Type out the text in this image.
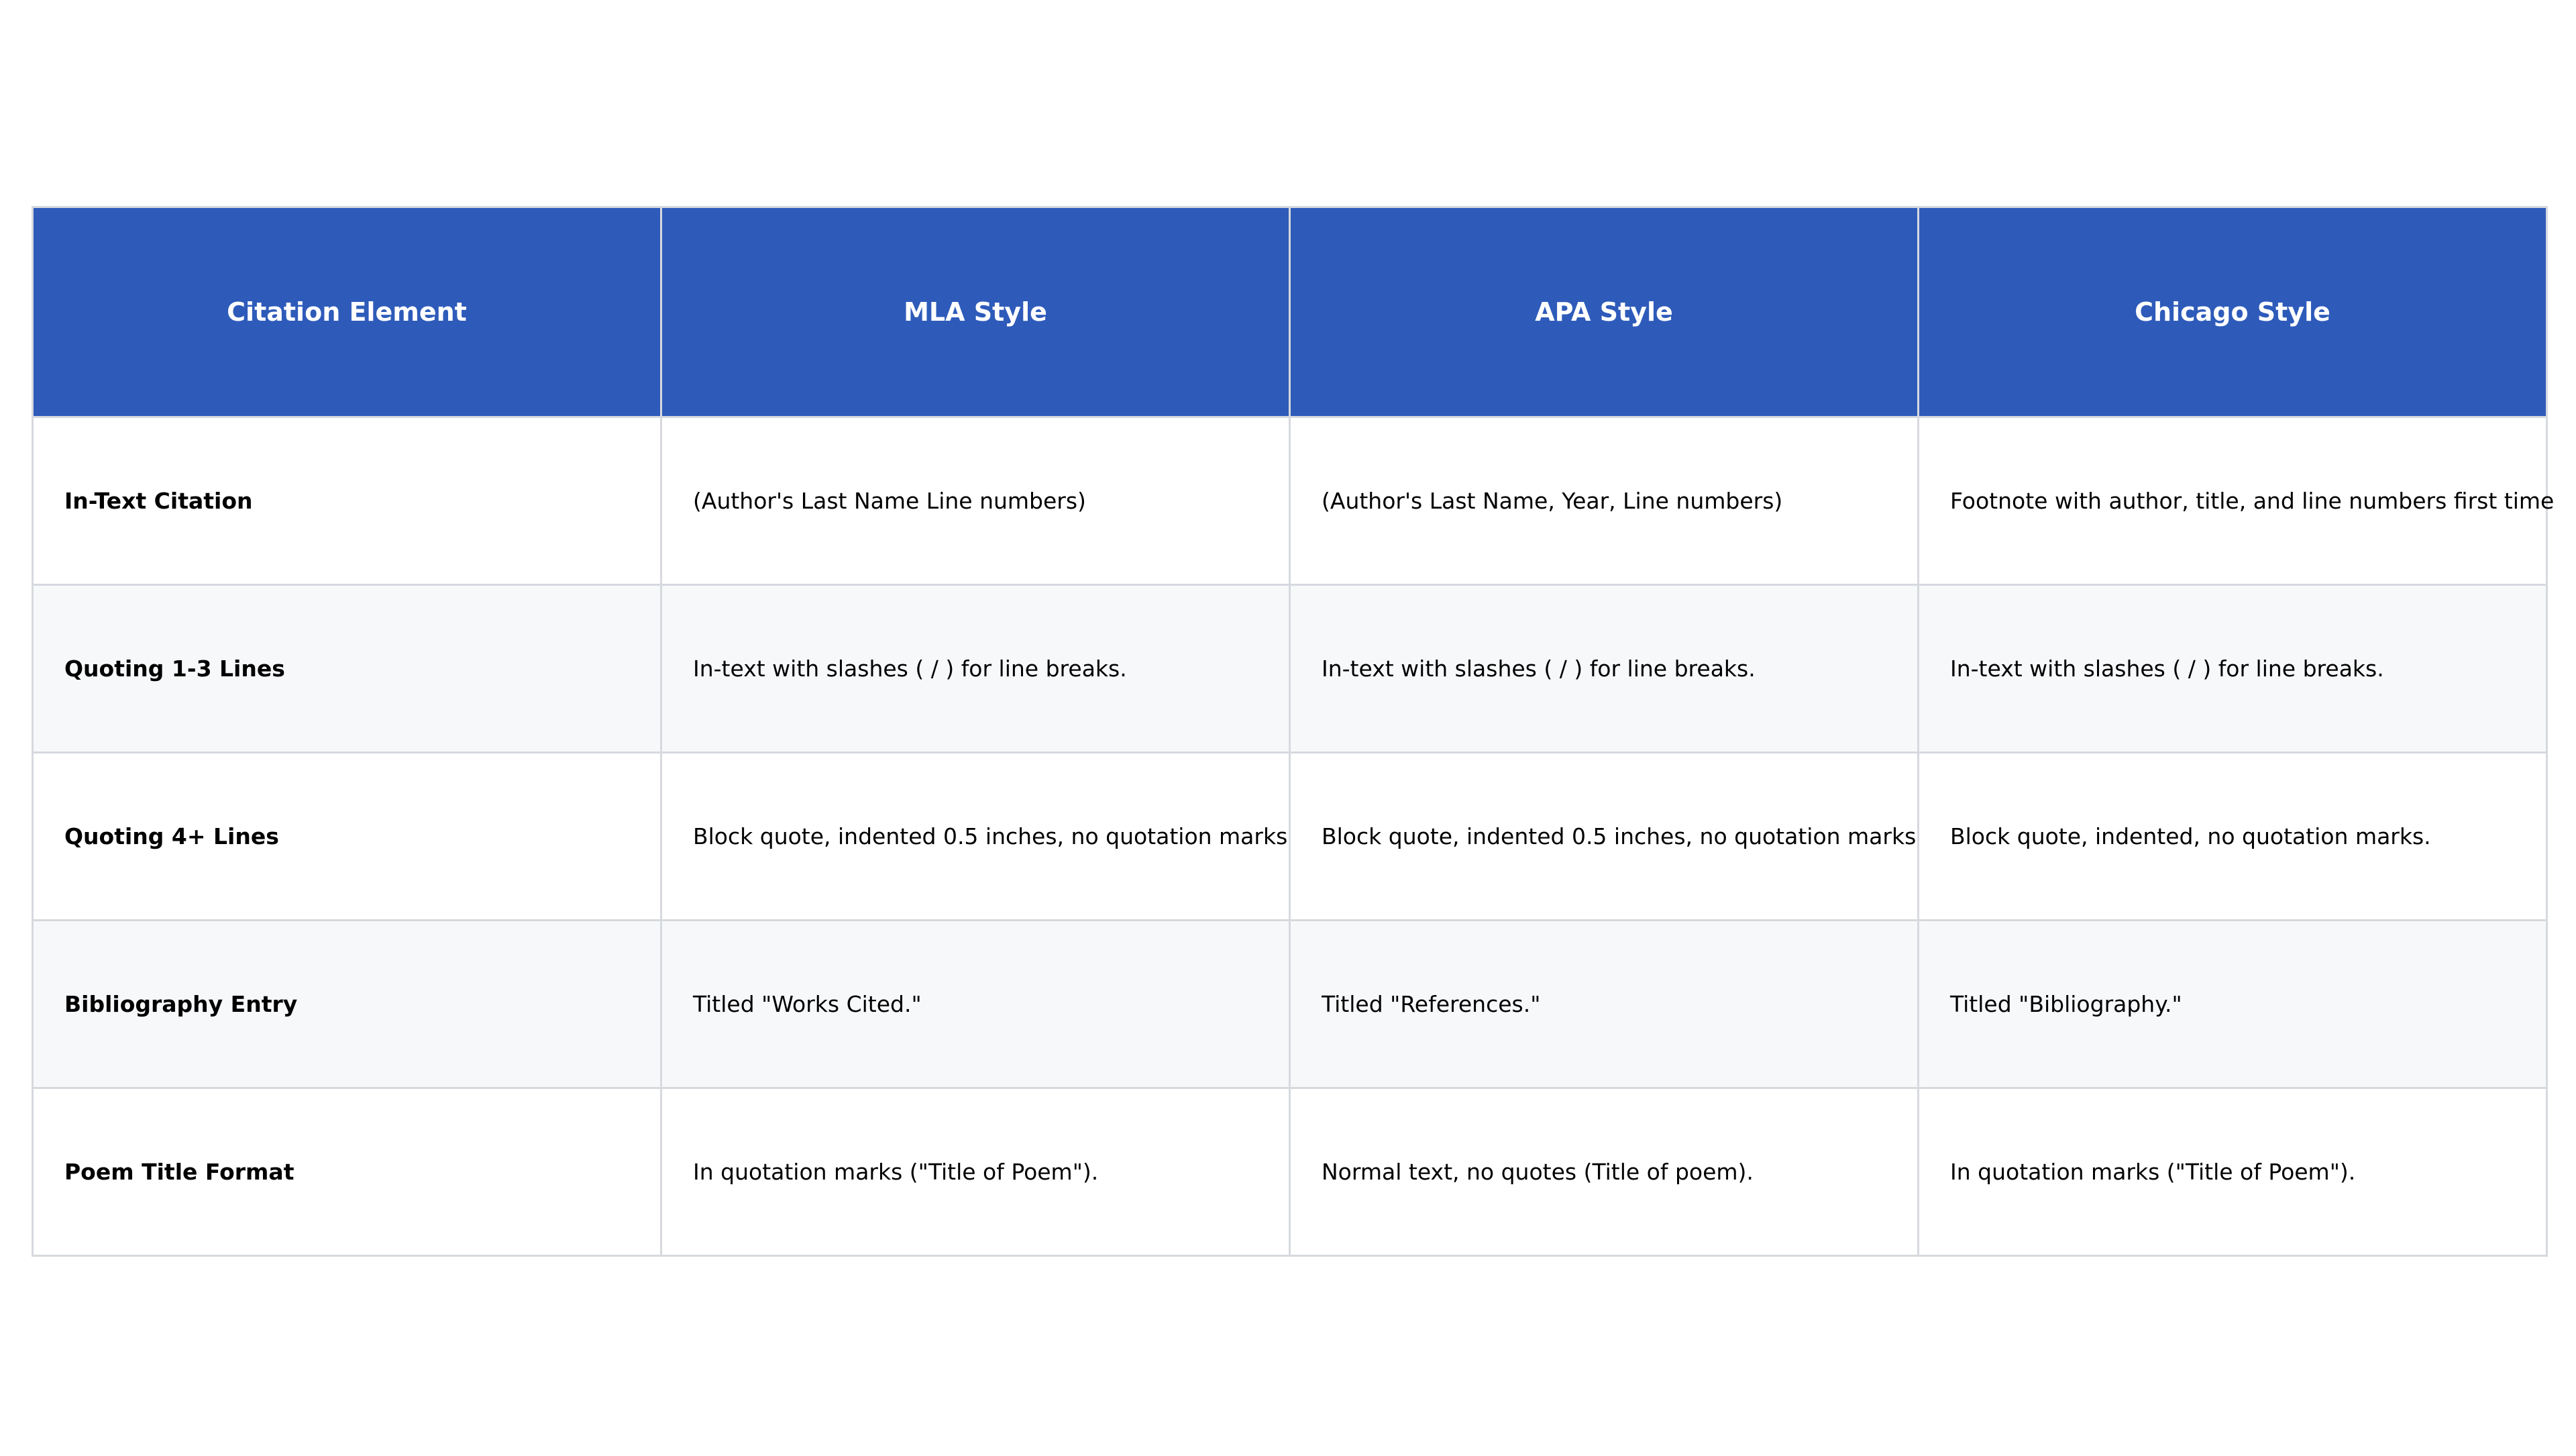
Citation Element	MLA Style	APA Style	Chicago Style
In-Text Citation	(Author's Last Name Line numbers)	(Author's Last Name, Year, Line numbers)	Footnote with author, title, and line numbers first time
Quoting 1-3 Lines	In-text with slashes ( / ) for line breaks.	In-text with slashes ( / ) for line breaks.	In-text with slashes ( / ) for line breaks.
Quoting 4+ Lines	Block quote, indented 0.5 inches, no quotation marks	Block quote, indented 0.5 inches, no quotation marks	Block quote, indented, no quotation marks.
Bibliography Entry	Titled "Works Cited."	Titled "References."	Titled "Bibliography."
Poem Title Format	In quotation marks ("Title of Poem").	Normal text, no quotes (Title of poem).	In quotation marks ("Title of Poem").
